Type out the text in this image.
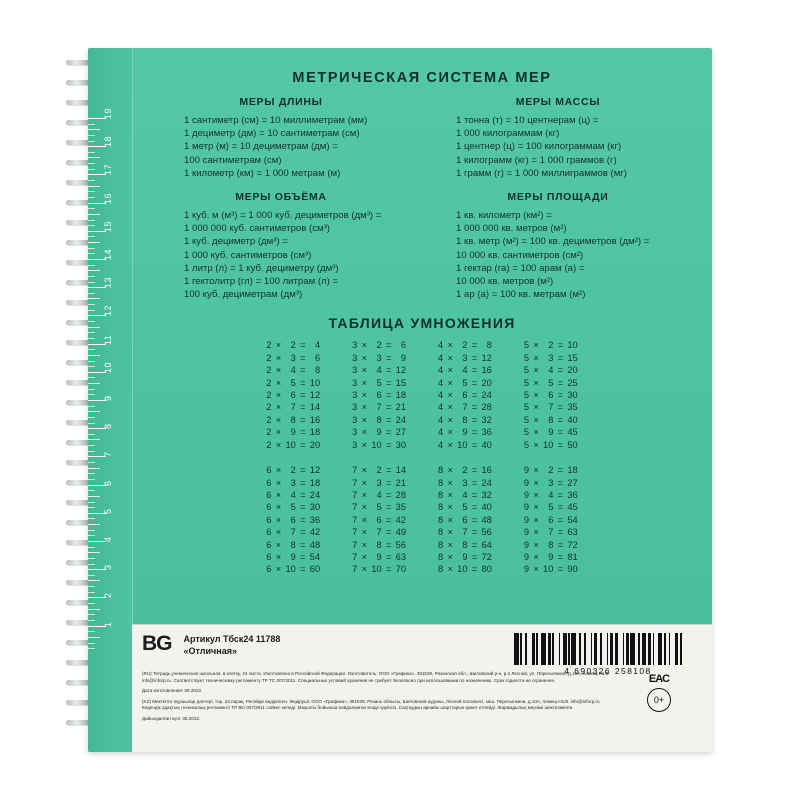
19
18
17
16
15
14
13
12
11
10
9
8
7
6
5
4
3
2
1
МЕТРИЧЕСКАЯ СИСТЕМА МЕР
МЕРЫ ДЛИНЫ
1 сантиметр (см) = 10 миллиметрам (мм)
1 дециметр (дм) = 10 сантиметрам (см)
1 метр (м) = 10 дециметрам (дм) =
100 сантиметрам (см)
1 километр (км) = 1 000 метрам (м)
МЕРЫ ОБЪЁМА
1 куб. м (м³) = 1 000 куб. дециметров (дм³) =
1 000 000 куб. сантиметров (см³)
1 куб. дециметр (дм³) =
1 000 куб. сантиметров (см³)
1 литр (л) = 1 куб. дециметру (дм³)
1 гектолитр (гл) = 100 литрам (л) =
100 куб. дециметрам (дм³)
МЕРЫ МАССЫ
1 тонна (т) = 10 центнерам (ц) =
1 000 килограммам (кг)
1 центнер (ц) = 100 килограммам (кг)
1 килограмм (кг) = 1 000 граммов (г)
1 грамм (г) = 1 000 миллиграммов (мг)
МЕРЫ ПЛОЩАДИ
1 кв. километр (км²) =
1 000 000 кв. метров (м²)
1 кв. метр (м²) = 100 кв. дециметров (дм²) =
10 000 кв. сантиметров (см²)
1 гектар (га) = 100 арам (а) =
10 000 кв. метров (м²)
1 ар (а) = 100 кв. метрам (м²)
ТАБЛИЦА УМНОЖЕНИЯ
2	×	2	=	4
2	×	3	=	6
2	×	4	=	8
2	×	5	=	10
2	×	6	=	12
2	×	7	=	14
2	×	8	=	16
2	×	9	=	18
2	×	10	=	20
3	×	2	=	6
3	×	3	=	9
3	×	4	=	12
3	×	5	=	15
3	×	6	=	18
3	×	7	=	21
3	×	8	=	24
3	×	9	=	27
3	×	10	=	30
4	×	2	=	8
4	×	3	=	12
4	×	4	=	16
4	×	5	=	20
4	×	6	=	24
4	×	7	=	28
4	×	8	=	32
4	×	9	=	36
4	×	10	=	40
5	×	2	=	10
5	×	3	=	15
5	×	4	=	20
5	×	5	=	25
5	×	6	=	30
5	×	7	=	35
5	×	8	=	40
5	×	9	=	45
5	×	10	=	50
6	×	2	=	12
6	×	3	=	18
6	×	4	=	24
6	×	5	=	30
6	×	6	=	36
6	×	7	=	42
6	×	8	=	48
6	×	9	=	54
6	×	10	=	60
7	×	2	=	14
7	×	3	=	21
7	×	4	=	28
7	×	5	=	35
7	×	6	=	42
7	×	7	=	49
7	×	8	=	56
7	×	9	=	63
7	×	10	=	70
8	×	2	=	16
8	×	3	=	24
8	×	4	=	32
8	×	5	=	40
8	×	6	=	48
8	×	7	=	56
8	×	8	=	64
8	×	9	=	72
8	×	10	=	80
9	×	2	=	18
9	×	3	=	27
9	×	4	=	36
9	×	5	=	45
9	×	6	=	54
9	×	7	=	63
9	×	8	=	72
9	×	9	=	81
9	×	10	=	90
BG Артикул Тбск24 11788
«Отличная»
4 690326 258108

(RU) Тетрадь ученическая школьная, в клетку, 24 листа. Изготовлено в Российской Федерации. Изготовитель: ООО «Графика», 391539, Рязанская обл., Шиловский р-н, р.п Лесной, ул. Пересыпкина, д.10А, помещ.Н1/8. info@inforp.ru. Соответствует техническому регламенту ТР ТС 007/2011. Специальных условий хранения не требует. Безопасно при использовании по назначению. Срок годности не ограничен.

Дата изготовления: 08.2022.

(KZ) Мектепте оқушылар дәптері, тор, 24 парақ. Ресейде өндірілген. Өндіруші: ООО «Графика», 391539, Рязань облысы, Шиловский ауданы, Лесной поселкесі, көш. Пересыпкина, д.10А, помещ.Н1/8. info@inforp.ru. Кедендік одақтың техникалық регламенті ТР ВО 007/2011 сәйкес келеді. Мақсаты бойынша пайдаланған кезде қауіпсіз. Сақтаудың арнайы шарттарын қажет етпейді. Жарамдылық мерзімі шектелмеген.

Дайындалған күні: 08.2022.

EAC
0+
